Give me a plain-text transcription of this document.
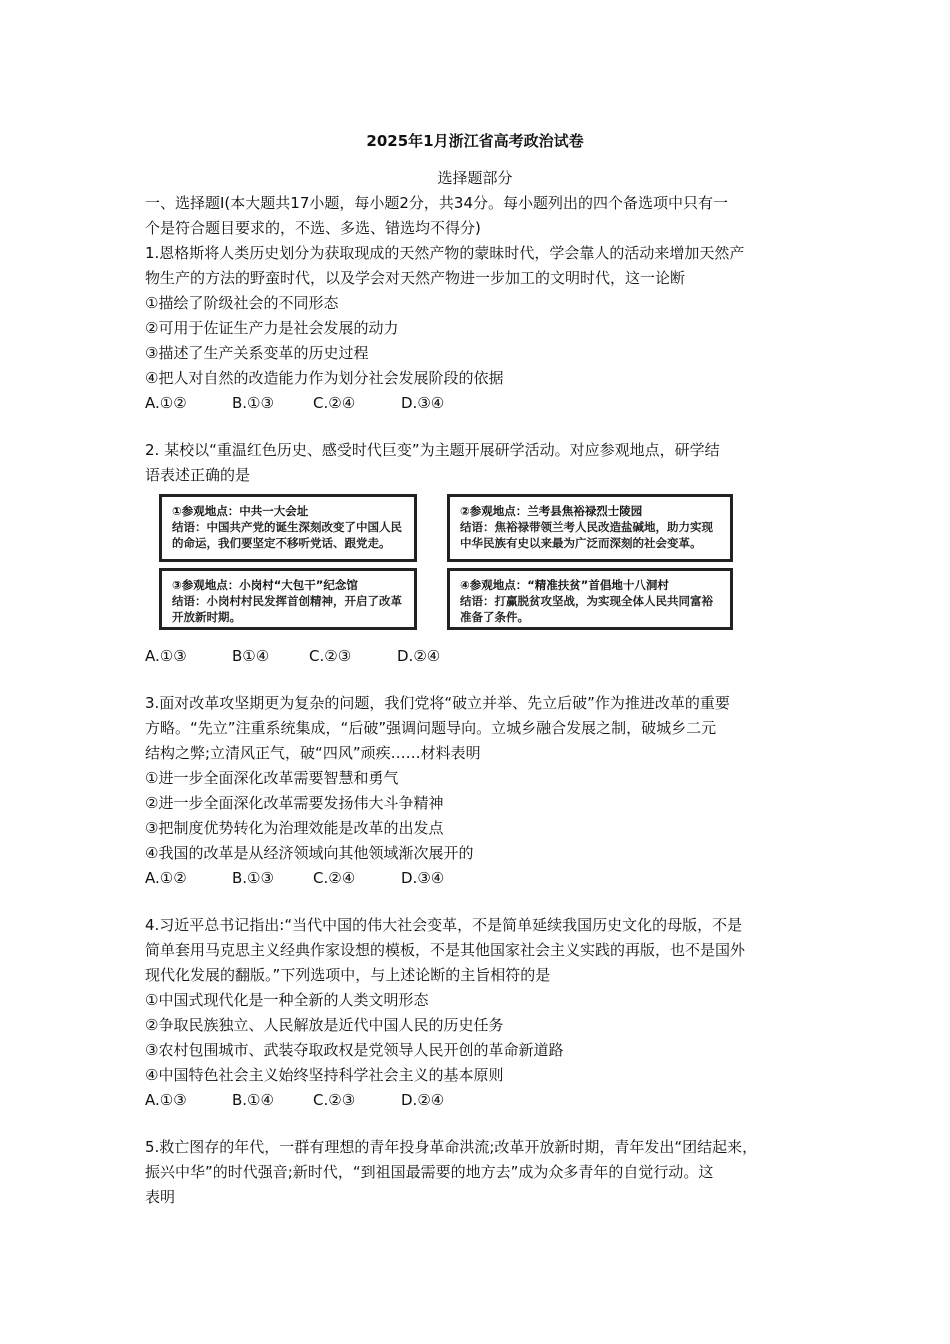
2025年1月浙江省高考政治试卷
选择题部分
一、选择题Ⅰ(本大题共17小题，每小题2分，共34分。每小题列出的四个备选项中只有一
个是符合题目要求的，不选、多选、错选均不得分)
1.恩格斯将人类历史划分为获取现成的天然产物的蒙昧时代，学会靠人的活动来增加天然产
物生产的方法的野蛮时代，以及学会对天然产物进一步加工的文明时代，这一论断
①描绘了阶级社会的不同形态
②可用于佐证生产力是社会发展的动力
③描述了生产关系变革的历史过程
④把人对自然的改造能力作为划分社会发展阶段的依据
A.①②	B.①③	C.②④	D.③④
2. 某校以“重温红色历史、感受时代巨变”为主题开展研学活动。对应参观地点，研学结
语表述正确的是
①参观地点：中共一大会址
结语：中国共产党的诞生深刻改变了中国人民的命运，我们要坚定不移听党话、跟党走。
②参观地点：兰考县焦裕禄烈士陵园
结语：焦裕禄带领兰考人民改造盐碱地，助力实现中华民族有史以来最为广泛而深刻的社会变革。
③参观地点：小岗村“大包干”纪念馆
结语：小岗村村民发挥首创精神，开启了改革开放新时期。
④参观地点：“精准扶贫”首倡地十八洞村
结语：打赢脱贫攻坚战，为实现全体人民共同富裕准备了条件。
A.①③	B①④	C.②③	D.②④
3.面对改革攻坚期更为复杂的问题，我们党将“破立并举、先立后破”作为推进改革的重要
方略。“先立”注重系统集成，“后破”强调问题导向。立城乡融合发展之制，破城乡二元
结构之弊;立清风正气，破“四风”顽疾……材料表明
①进一步全面深化改革需要智慧和勇气
②进一步全面深化改革需要发扬伟大斗争精神
③把制度优势转化为治理效能是改革的出发点
④我国的改革是从经济领域向其他领域渐次展开的
A.①②	B.①③	C.②④	D.③④
4.习近平总书记指出:“当代中国的伟大社会变革，不是简单延续我国历史文化的母版，不是
简单套用马克思主义经典作家设想的模板，不是其他国家社会主义实践的再版，也不是国外
现代化发展的翻版。”下列选项中，与上述论断的主旨相符的是
①中国式现代化是一种全新的人类文明形态
②争取民族独立、人民解放是近代中国人民的历史任务
③农村包围城市、武装夺取政权是党领导人民开创的革命新道路
④中国特色社会主义始终坚持科学社会主义的基本原则
A.①③	B.①④	C.②③	D.②④
5.救亡图存的年代，一群有理想的青年投身革命洪流;改革开放新时期，青年发出“团结起来，
振兴中华”的时代强音;新时代，“到祖国最需要的地方去”成为众多青年的自觉行动。这
表明
